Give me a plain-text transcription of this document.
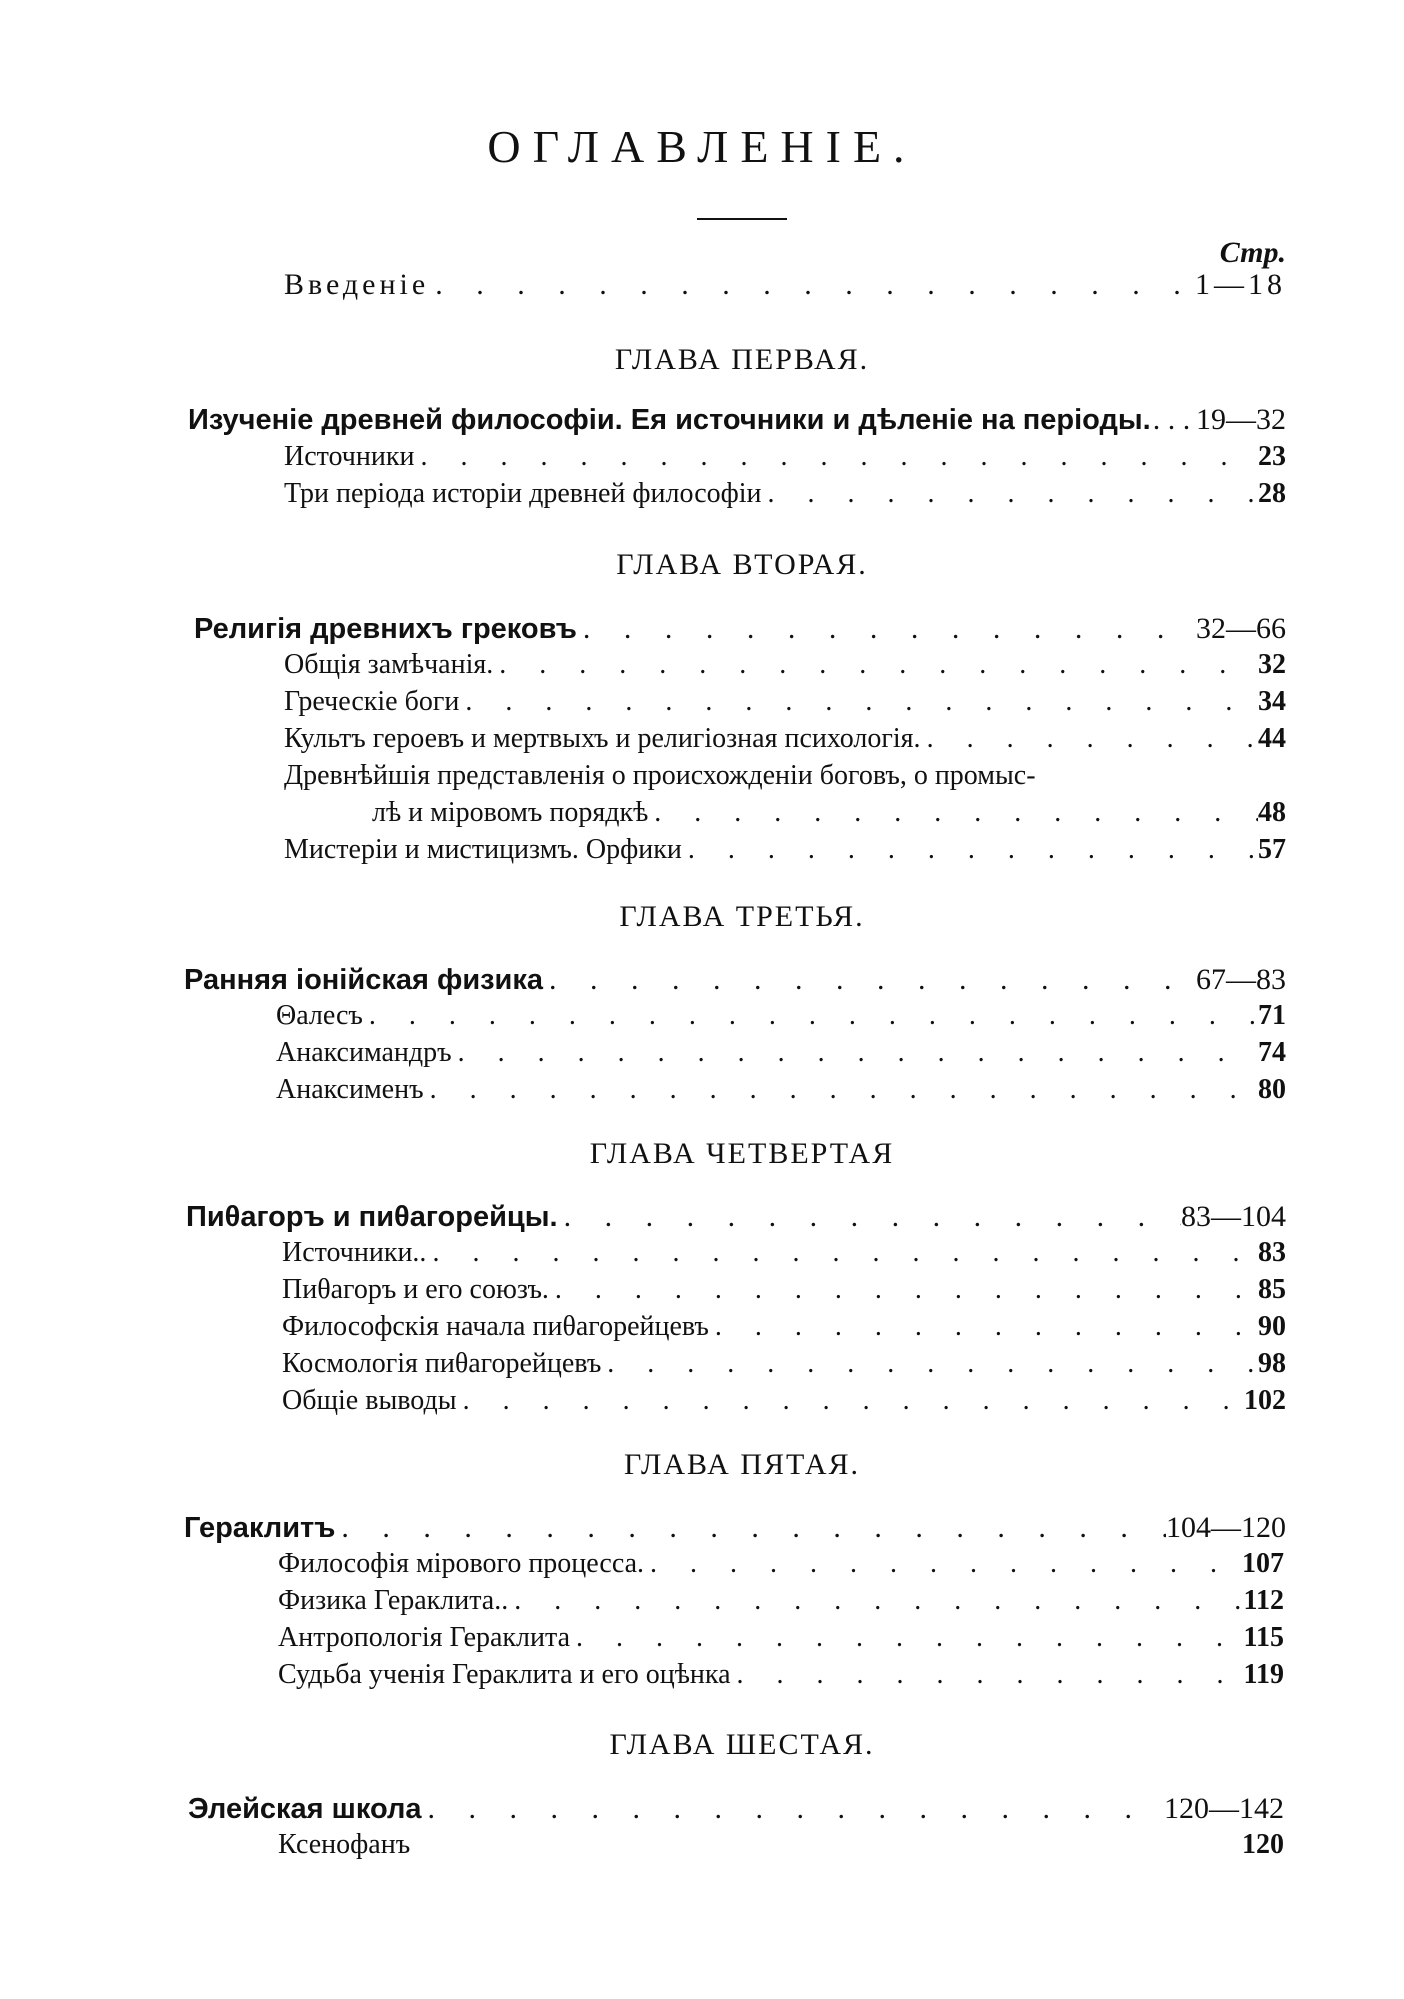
ОГЛАВЛЕНІЕ.
Стр.
Введеніе . . .	1—18
ГЛАВА ПЕРВАЯ.
Изученіе древней философіи. Ея источники и дѣленіе на періоды. . . . 19—32
Источники . . .	23
Три періода исторіи древней философіи . . .	28
ГЛАВА ВТОРАЯ.
Религія древнихъ грековъ . . .	32—66
Общія замѣчанія. . . .	32
Греческіе боги . . .	34
Культъ героевъ и мертвыхъ и религіозная психологія. . . .	44
Древнѣйшія представленія о происхожденіи боговъ, о промыс-
лѣ и міровомъ порядкѣ . . .	48
Мистеріи и мистицизмъ. Орфики . . .	57
ГЛАВА ТРЕТЬЯ.
Ранняя іонійская физика . . .	67—83
Θалесъ . . .	71
Анаксимандръ . . .	74
Анаксименъ . . .	80
ГЛАВА ЧЕТВЕРТАЯ
Пиθагоръ и пиθагорейцы. . . .	83—104
Источники.. . . .	83
Пиθагоръ и его союзъ. . . .	85
Философскія начала пиθагорейцевъ . . .	90
Космологія пиθагорейцевъ . . .	98
Общіе выводы . . .	102
ГЛАВА ПЯТАЯ.
Гераклитъ . . .	104—120
Философія мірового процесса. . . .	107
Физика Гераклита.. . . .	112
Антропологія Гераклита . . .	115
Судьба ученія Гераклита и его оцѣнка . . .	119
ГЛАВА ШЕСТАЯ.
Элейская школа . . .	120—142
Ксенофанъ	120
